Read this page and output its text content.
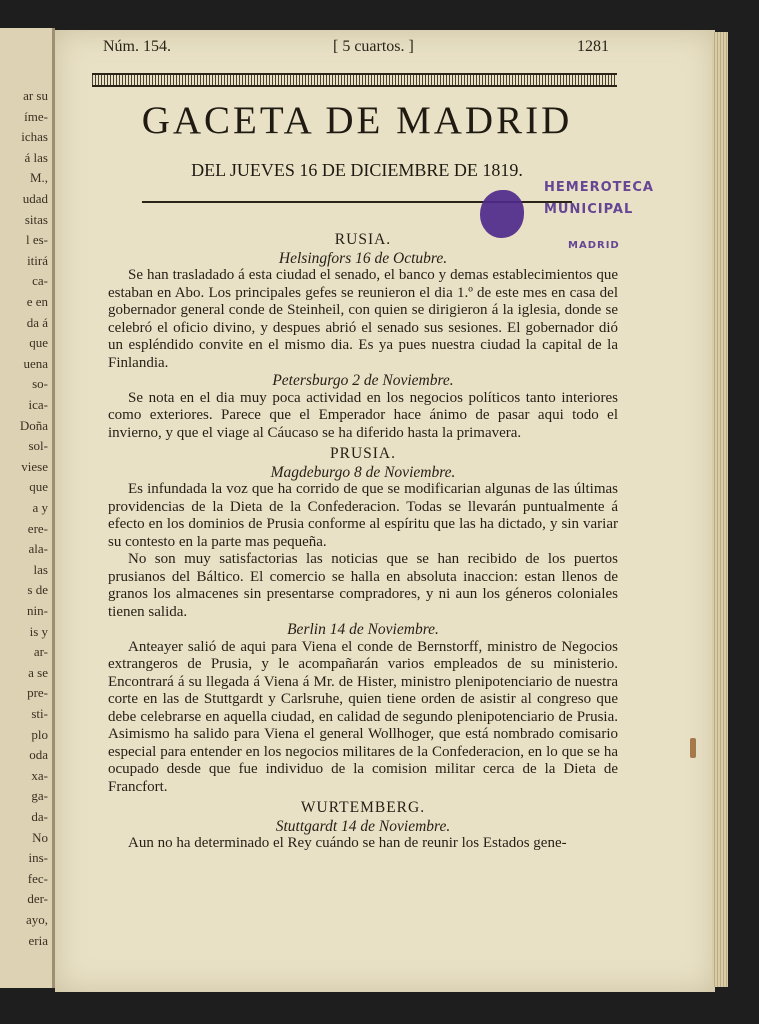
ar su
íme-
ichas
á las
M.,
udad
sitas
l es-
itirá
ca-
e en
da á
que
uena
so-
ica-
Doña
sol-
viese
que
a y
ere-
ala-
las
s de
nin-
is y
ar-
a se
pre-
sti-
plo
oda
xa-
ga-
da-
No
ins-
fec-
der-
ayo,
eria
Núm. 154.	[ 5 cuartos. ]	1281
GACETA DE MADRID
DEL JUEVES 16 DE DICIEMBRE DE 1819.
HEMEROTECA
MUNICIPAL
MADRID
RUSIA.
Helsingfors 16 de Octubre.

Se han trasladado á esta ciudad el senado, el banco y demas establecimientos que estaban en Abo. Los principales gefes se reunieron el dia 1.º de este mes en casa del gobernador general conde de Steinheil, con quien se dirigieron á la iglesia, donde se celebró el oficio divino, y despues abrió el senado sus sesiones. El gobernador dió un espléndido convite en el mismo dia. Es ya pues nuestra ciudad la capital de la Finlandia.

Petersburgo 2 de Noviembre.

Se nota en el dia muy poca actividad en los negocios políticos tanto interiores como exteriores. Parece que el Emperador hace ánimo de pasar aqui todo el invierno, y que el viage al Cáucaso se ha diferido hasta la primavera.

PRUSIA.
Magdeburgo 8 de Noviembre.

Es infundada la voz que ha corrido de que se modificarian algunas de las últimas providencias de la Dieta de la Confederacion. Todas se llevarán puntualmente á efecto en los dominios de Prusia conforme al espíritu que las ha dictado, y sin variar su contesto en la parte mas pequeña.

No son muy satisfactorias las noticias que se han recibido de los puertos prusianos del Báltico. El comercio se halla en absoluta inaccion: estan llenos de granos los almacenes sin presentarse compradores, y ni aun los géneros coloniales tienen salida.

Berlin 14 de Noviembre.

Anteayer salió de aqui para Viena el conde de Bernstorff, ministro de Negocios extrangeros de Prusia, y le acompañarán varios empleados de su ministerio. Encontrará á su llegada á Viena á Mr. de Hister, ministro plenipotenciario de nuestra corte en las de Stuttgardt y Carlsruhe, quien tiene orden de asistir al congreso que debe celebrarse en aquella ciudad, en calidad de segundo plenipotenciario de Prusia. Asimismo ha salido para Viena el general Wollhoger, que está nombrado comisario especial para entender en los negocios militares de la Confederacion, en lo que se ha ocupado desde que fue individuo de la comision militar cerca de la Dieta de Francfort.

WURTEMBERG.
Stuttgardt 14 de Noviembre.

Aun no ha determinado el Rey cuándo se han de reunir los Estados gene-
